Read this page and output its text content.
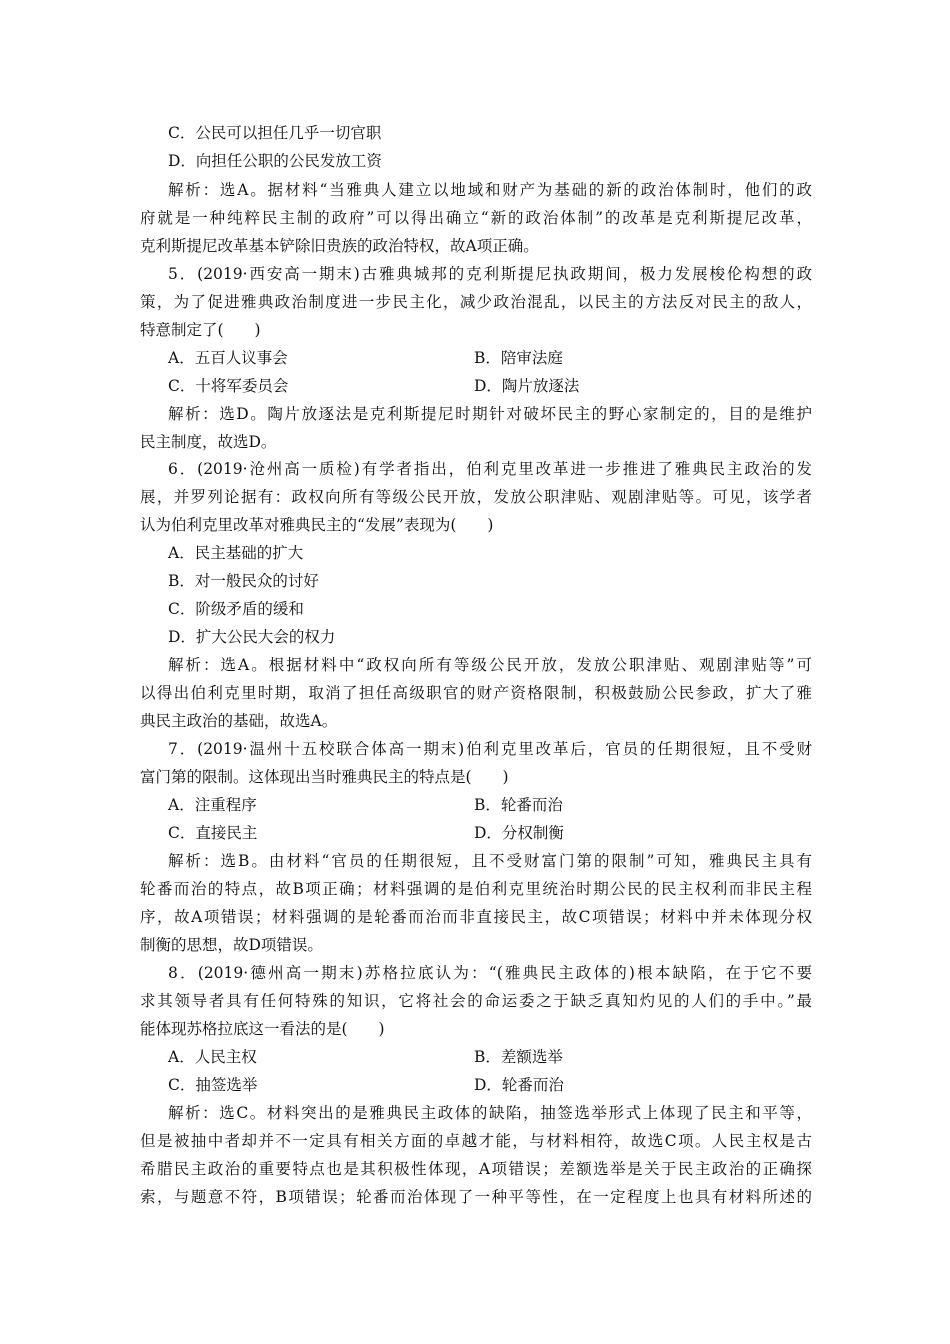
C．公民可以担任几乎一切官职
D．向担任公职的公民发放工资
解析：选A。据材料“当雅典人建立以地域和财产为基础的新的政治体制时，他们的政
府就是一种纯粹民主制的政府”可以得出确立“新的政治体制”的改革是克利斯提尼改革，
克利斯提尼改革基本铲除旧贵族的政治特权，故A项正确。
5．(2019·西安高一期末)古雅典城邦的克利斯提尼执政期间，极力发展梭伦构想的政
策，为了促进雅典政治制度进一步民主化，减少政治混乱，以民主的方法反对民主的敌人，
特意制定了(　　)
A．五百人议事会	B．陪审法庭
C．十将军委员会	D．陶片放逐法
解析：选D。陶片放逐法是克利斯提尼时期针对破坏民主的野心家制定的，目的是维护
民主制度，故选D。
6．(2019·沧州高一质检)有学者指出，伯利克里改革进一步推进了雅典民主政治的发
展，并罗列论据有：政权向所有等级公民开放，发放公职津贴、观剧津贴等。可见，该学者
认为伯利克里改革对雅典民主的“发展”表现为(　　)
A．民主基础的扩大
B．对一般民众的讨好
C．阶级矛盾的缓和
D．扩大公民大会的权力
解析：选A。根据材料中“政权向所有等级公民开放，发放公职津贴、观剧津贴等”可
以得出伯利克里时期，取消了担任高级职官的财产资格限制，积极鼓励公民参政，扩大了雅
典民主政治的基础，故选A。
7．(2019·温州十五校联合体高一期末)伯利克里改革后，官员的任期很短，且不受财
富门第的限制。这体现出当时雅典民主的特点是(　　)
A．注重程序	B．轮番而治
C．直接民主	D．分权制衡
解析：选B。由材料“官员的任期很短，且不受财富门第的限制”可知，雅典民主具有
轮番而治的特点，故B项正确；材料强调的是伯利克里统治时期公民的民主权利而非民主程
序，故A项错误；材料强调的是轮番而治而非直接民主，故C项错误；材料中并未体现分权
制衡的思想，故D项错误。
8．(2019·德州高一期末)苏格拉底认为：“(雅典民主政体的)根本缺陷，在于它不要
求其领导者具有任何特殊的知识，它将社会的命运委之于缺乏真知灼见的人们的手中。”最
能体现苏格拉底这一看法的是(　　)
A．人民主权	B．差额选举
C．抽签选举	D．轮番而治
解析：选C。材料突出的是雅典民主政体的缺陷，抽签选举形式上体现了民主和平等，
但是被抽中者却并不一定具有相关方面的卓越才能，与材料相符，故选C项。人民主权是古
希腊民主政治的重要特点也是其积极性体现，A项错误；差额选举是关于民主政治的正确探
索，与题意不符，B项错误；轮番而治体现了一种平等性，在一定程度上也具有材料所述的
